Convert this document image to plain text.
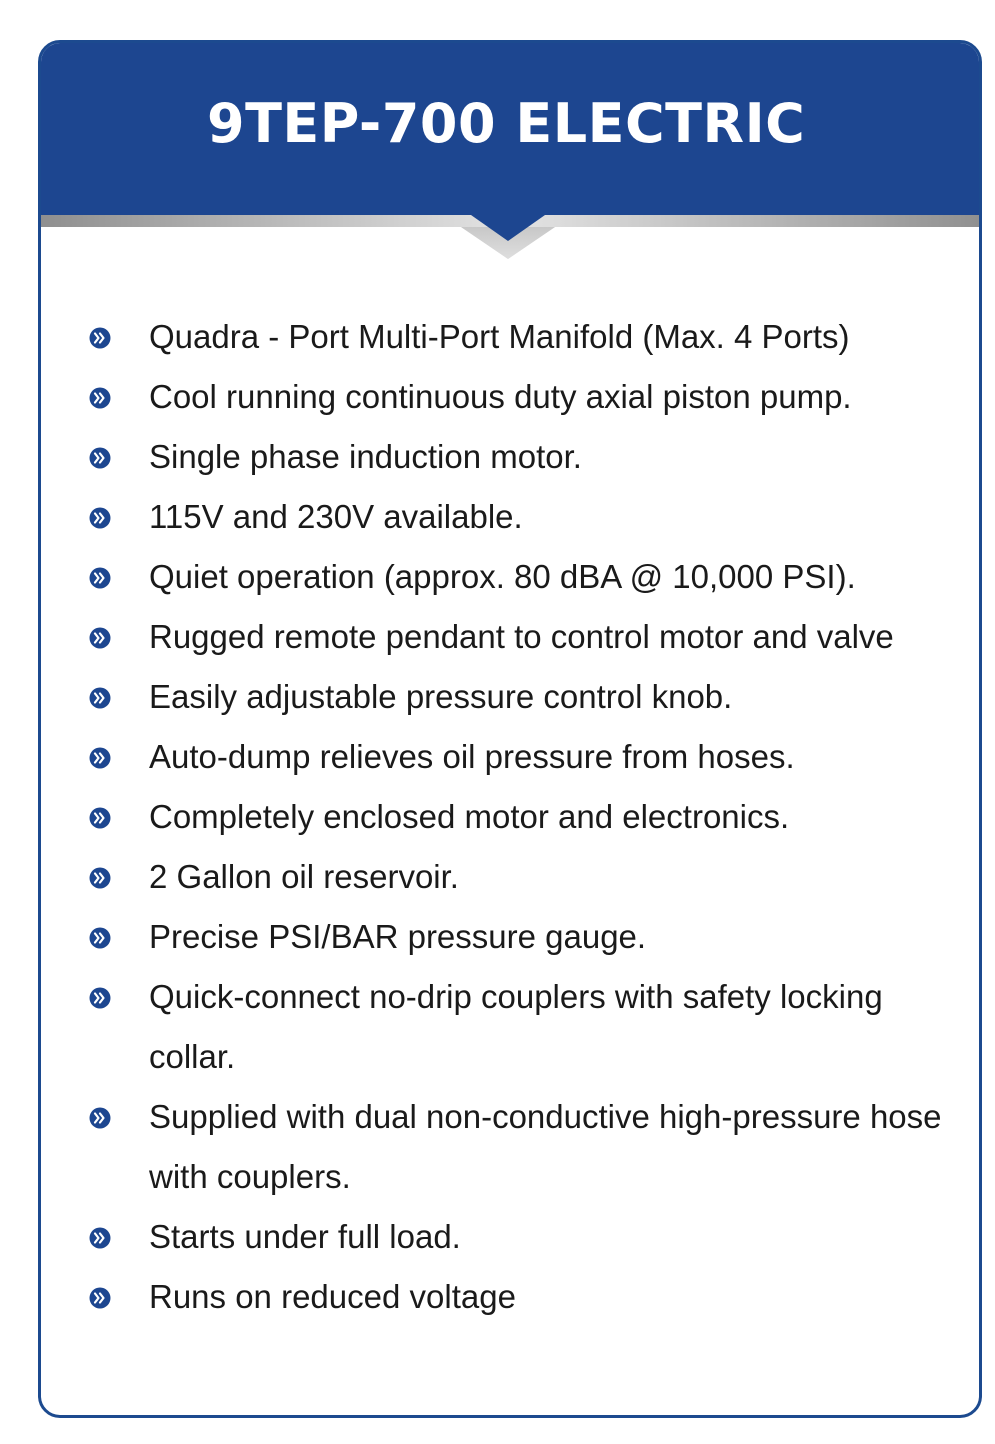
9TEP-700 ELECTRIC
Quadra - Port Multi-Port Manifold (Max. 4 Ports)
Cool running continuous duty axial piston pump.
Single phase induction motor.
115V and 230V available.
Quiet operation (approx. 80 dBA @ 10,000 PSI).
Rugged remote pendant to control motor and valve
Easily adjustable pressure control knob.
Auto-dump relieves oil pressure from hoses.
Completely enclosed motor and electronics.
2 Gallon oil reservoir.
Precise PSI/BAR pressure gauge.
Quick-connect no-drip couplers with safety locking collar.
Supplied with dual non-conductive high-pressure hose with couplers.
Starts under full load.
Runs on reduced voltage
